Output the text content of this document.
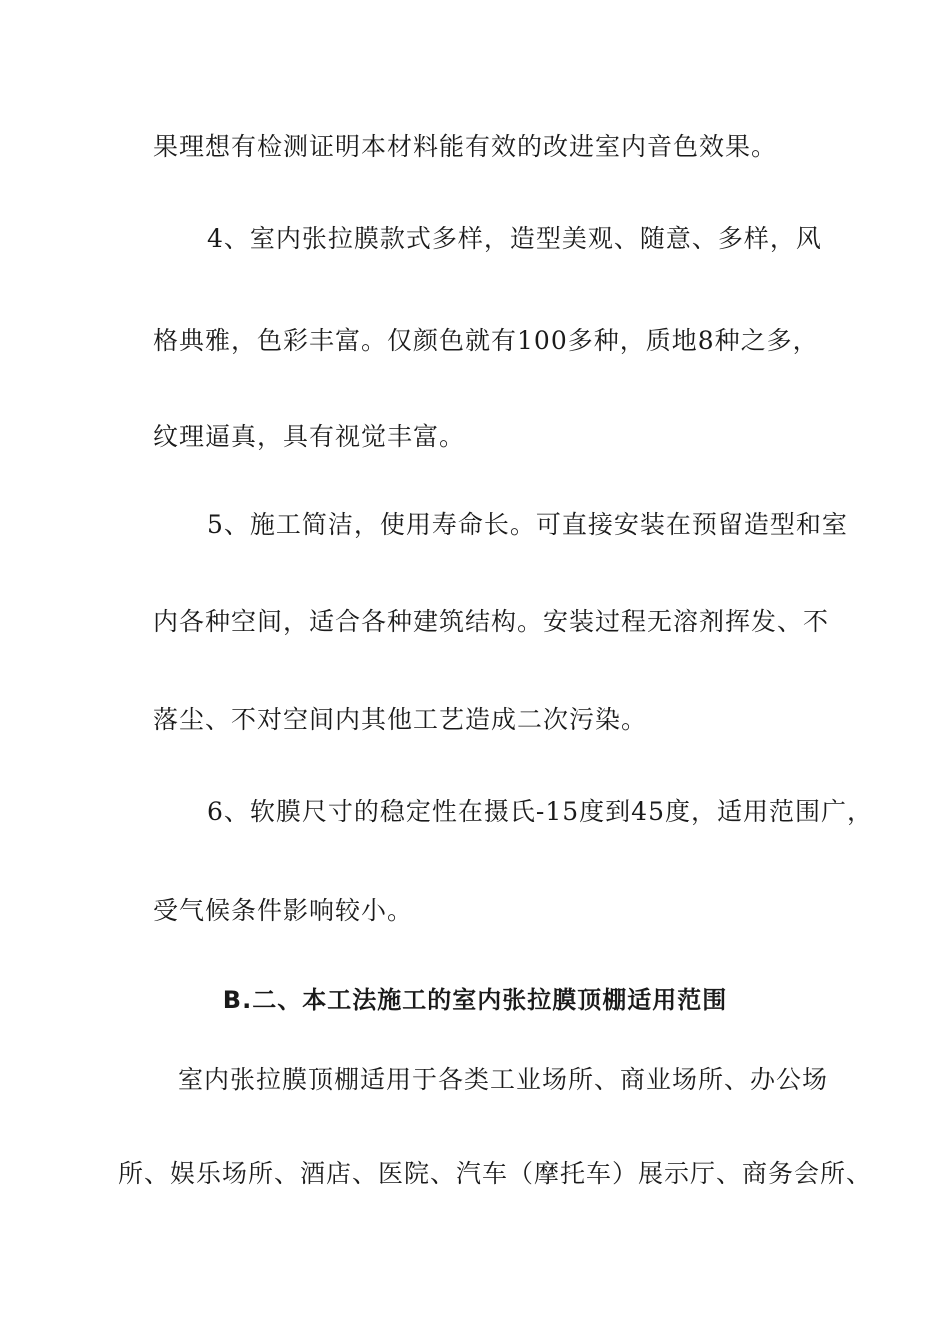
果理想有检测证明本材料能有效的改进室内音色效果。

4、室内张拉膜款式多样，造型美观、随意、多样，风

格典雅，色彩丰富。仅颜色就有100多种，质地8种之多，

纹理逼真，具有视觉丰富。

5、施工简洁，使用寿命长。可直接安装在预留造型和室

内各种空间，适合各种建筑结构。安装过程无溶剂挥发、不

落尘、不对空间内其他工艺造成二次污染。

6、软膜尺寸的稳定性在摄氏-15度到45度，适用范围广，

受气候条件影响较小。

B.二、本工法施工的室内张拉膜顶棚适用范围

室内张拉膜顶棚适用于各类工业场所、商业场所、办公场

所、娱乐场所、酒店、医院、汽车（摩托车）展示厅、商务会所、
